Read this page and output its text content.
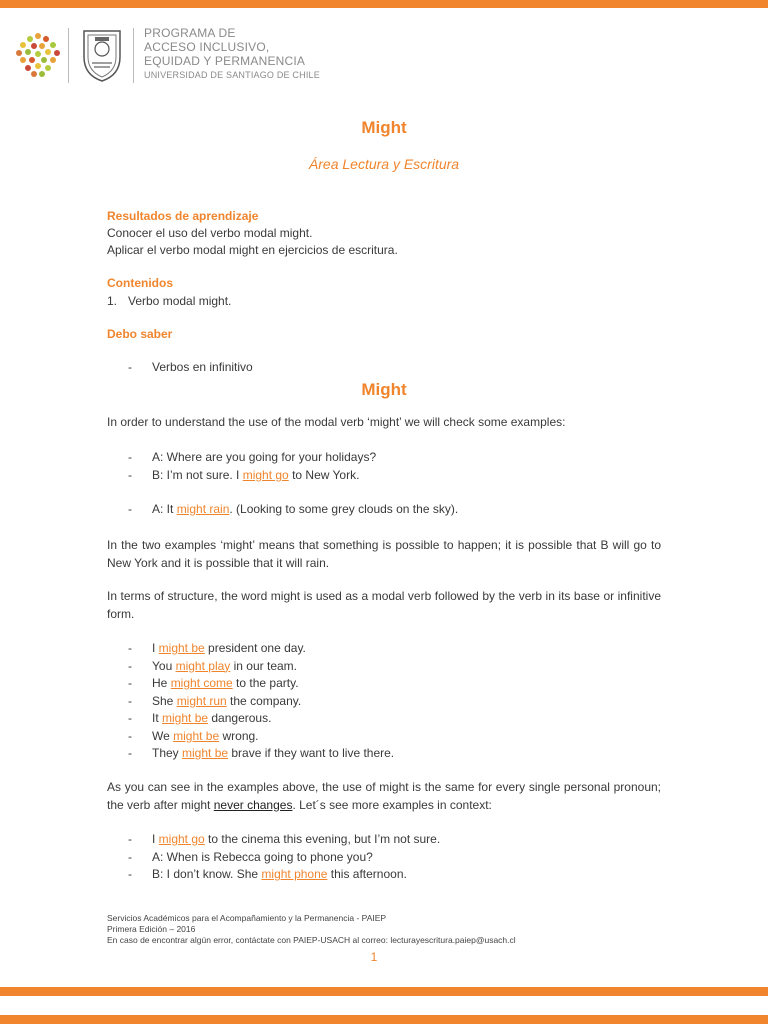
PROGRAMA DE
ACCESO INCLUSIVO,
EQUIDAD Y PERMANENCIA
UNIVERSIDAD DE SANTIAGO DE CHILE
Might
Área Lectura y Escritura
Resultados de aprendizaje
Conocer el uso del verbo modal might.
Aplicar el verbo modal might en ejercicios de escritura.
Contenidos
1. Verbo modal might.
Debo saber
- Verbos en infinitivo
Might
In order to understand the use of the modal verb ‘might’ we will check some examples:
- A: Where are you going for your holidays?
- B: I’m not sure. I might go to New York.
- A: It might rain. (Looking to some grey clouds on the sky).
In the two examples ‘might’ means that something is possible to happen; it is possible that B will go to New York and it is possible that it will rain.
In terms of structure, the word might is used as a modal verb followed by the verb in its base or infinitive form.
- I might be president one day.
- You might play in our team.
- He might come to the party.
- She might run the company.
- It might be dangerous.
- We might be wrong.
- They might be brave if they want to live there.
As you can see in the examples above, the use of might is the same for every single personal pronoun; the verb after might never changes. Let´s see more examples in context:
- I might go to the cinema this evening, but I’m not sure.
- A: When is Rebecca going to phone you?
- B: I don’t know. She might phone this afternoon.
Servicios Académicos para el Acompañamiento y la Permanencia - PAIEP
Primera Edición – 2016
En caso de encontrar algún error, contáctate con PAIEP-USACH al correo: lecturayescritura.paiep@usach.cl
1
